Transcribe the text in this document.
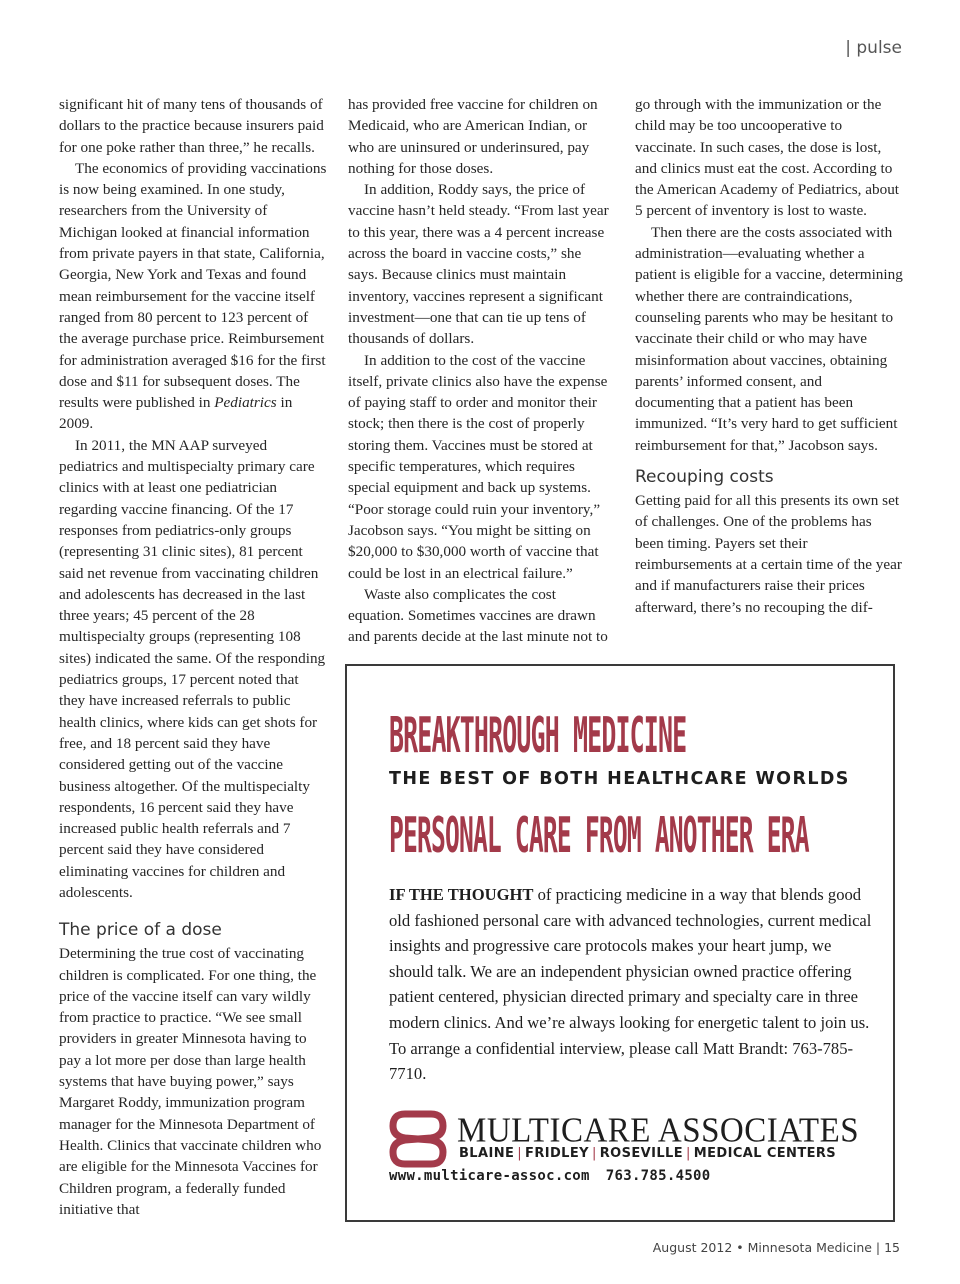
| pulse

significant hit of many tens of thousands of dollars to the practice because insurers paid for one poke rather than three,” he recalls.

The economics of providing vaccinations is now being examined. In one study, researchers from the University of Michigan looked at financial information from private payers in that state, California, Georgia, New York and Texas and found mean reimbursement for the vaccine itself ranged from 80 percent to 123 percent of the average purchase price. Reimbursement for administration averaged $16 for the first dose and $11 for subsequent doses. The results were published in Pediatrics in 2009.

In 2011, the MN AAP surveyed pediatrics and multispecialty primary care clinics with at least one pediatrician regarding vaccine financing. Of the 17 responses from pediatrics-only groups (representing 31 clinic sites), 81 percent said net revenue from vaccinating children and adolescents has decreased in the last three years; 45 percent of the 28 multispecialty groups (representing 108 sites) indicated the same. Of the responding pediatrics groups, 17 percent noted that they have increased referrals to public health clinics, where kids can get shots for free, and 18 percent said they have considered getting out of the vaccine business altogether. Of the multispecialty respondents, 16 percent said they have increased public health referrals and 7 percent said they have considered eliminating vaccines for children and adolescents.

The price of a dose

Determining the true cost of vaccinating children is complicated. For one thing, the price of the vaccine itself can vary wildly from practice to practice. “We see small providers in greater Minnesota having to pay a lot more per dose than large health systems that have buying power,” says Margaret Roddy, immunization program manager for the Minnesota Department of Health. Clinics that vaccinate children who are eligible for the Minnesota Vaccines for Children program, a federally funded initiative that

has provided free vaccine for children on Medicaid, who are American Indian, or who are uninsured or underinsured, pay nothing for those doses.

In addition, Roddy says, the price of vaccine hasn’t held steady. “From last year to this year, there was a 4 percent increase across the board in vaccine costs,” she says. Because clinics must maintain inventory, vaccines represent a significant investment—one that can tie up tens of thousands of dollars.

In addition to the cost of the vaccine itself, private clinics also have the expense of paying staff to order and monitor their stock; then there is the cost of properly storing them. Vaccines must be stored at specific temperatures, which requires special equipment and back up systems. “Poor storage could ruin your inventory,” Jacobson says. “You might be sitting on $20,000 to $30,000 worth of vaccine that could be lost in an electrical failure.”

Waste also complicates the cost equation. Sometimes vaccines are drawn and parents decide at the last minute not to

go through with the immunization or the child may be too uncooperative to vaccinate. In such cases, the dose is lost, and clinics must eat the cost. According to the American Academy of Pediatrics, about 5 percent of inventory is lost to waste.

Then there are the costs associated with administration—evaluating whether a patient is eligible for a vaccine, determining whether there are contraindications, counseling parents who may be hesitant to vaccinate their child or who may have misinformation about vaccines, obtaining parents’ informed consent, and documenting that a patient has been immunized. “It’s very hard to get sufficient reimbursement for that,” Jacobson says.

Recouping costs

Getting paid for all this presents its own set of challenges. One of the problems has been timing. Payers set their reimbursements at a certain time of the year and if manufacturers raise their prices afterward, there’s no recouping the dif-

BREAKTHROUGH MEDICINE
THE BEST OF BOTH HEALTHCARE WORLDS
PERSONAL CARE FROM ANOTHER ERA
IF THE THOUGHT of practicing medicine in a way that blends good old fashioned personal care with advanced technologies, current medical insights and progressive care protocols makes your heart jump, we should talk. We are an independent physician owned practice offering patient centered, physician directed primary and specialty care in three modern clinics. And we’re always looking for energetic talent to join us. To arrange a confidential interview, please call Matt Brandt: 763-785-7710.
MULTICARE ASSOCIATES
BLAINE | FRIDLEY | ROSEVILLE | MEDICAL CENTERS
www.multicare-assoc.com 763.785.4500
August 2012 • Minnesota Medicine | 15
